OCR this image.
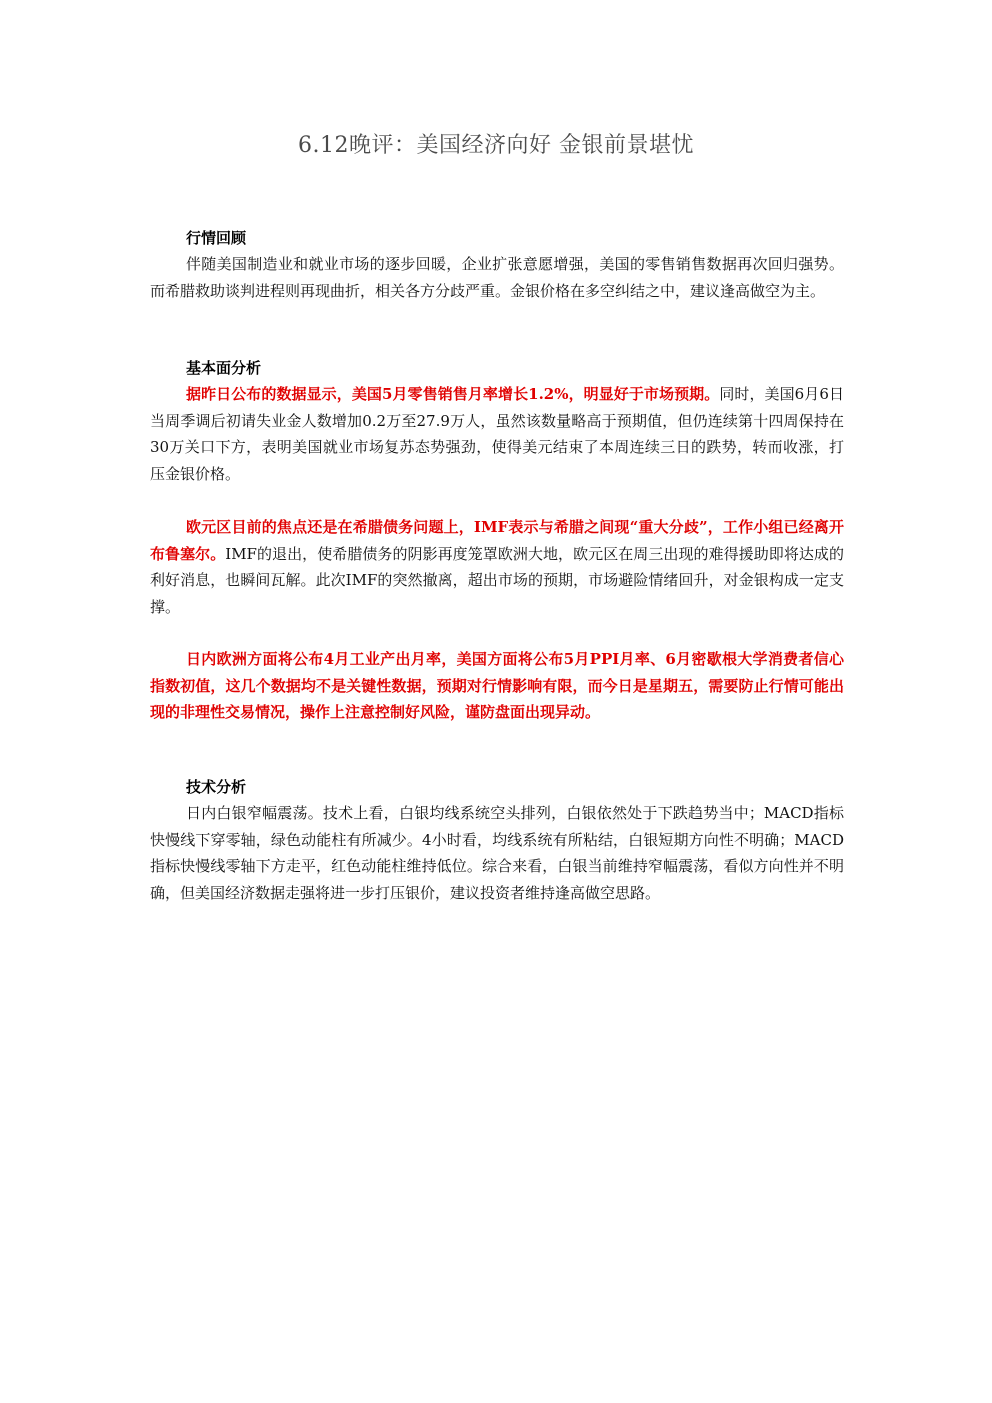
6.12晚评：美国经济向好 金银前景堪忧
行情回顾

伴随美国制造业和就业市场的逐步回暖，企业扩张意愿增强，美国的零售销售数据再次回归强势。而希腊救助谈判进程则再现曲折，相关各方分歧严重。金银价格在多空纠结之中，建议逢高做空为主。

基本面分析

据昨日公布的数据显示，美国5月零售销售月率增长1.2%，明显好于市场预期。同时，美国6月6日当周季调后初请失业金人数增加0.2万至27.9万人，虽然该数量略高于预期值，但仍连续第十四周保持在30万关口下方，表明美国就业市场复苏态势强劲，使得美元结束了本周连续三日的跌势，转而收涨，打压金银价格。

欧元区目前的焦点还是在希腊债务问题上，IMF表示与希腊之间现“重大分歧”，工作小组已经离开布鲁塞尔。IMF的退出，使希腊债务的阴影再度笼罩欧洲大地，欧元区在周三出现的难得援助即将达成的利好消息，也瞬间瓦解。此次IMF的突然撤离，超出市场的预期，市场避险情绪回升，对金银构成一定支撑。

日内欧洲方面将公布4月工业产出月率，美国方面将公布5月PPI月率、6月密歇根大学消费者信心指数初值，这几个数据均不是关键性数据，预期对行情影响有限，而今日是星期五，需要防止行情可能出现的非理性交易情况，操作上注意控制好风险，谨防盘面出现异动。

技术分析

日内白银窄幅震荡。技术上看，白银均线系统空头排列，白银依然处于下跌趋势当中；MACD指标快慢线下穿零轴，绿色动能柱有所减少。4小时看，均线系统有所粘结，白银短期方向性不明确；MACD指标快慢线零轴下方走平，红色动能柱维持低位。综合来看，白银当前维持窄幅震荡，看似方向性并不明确，但美国经济数据走强将进一步打压银价，建议投资者维持逢高做空思路。
